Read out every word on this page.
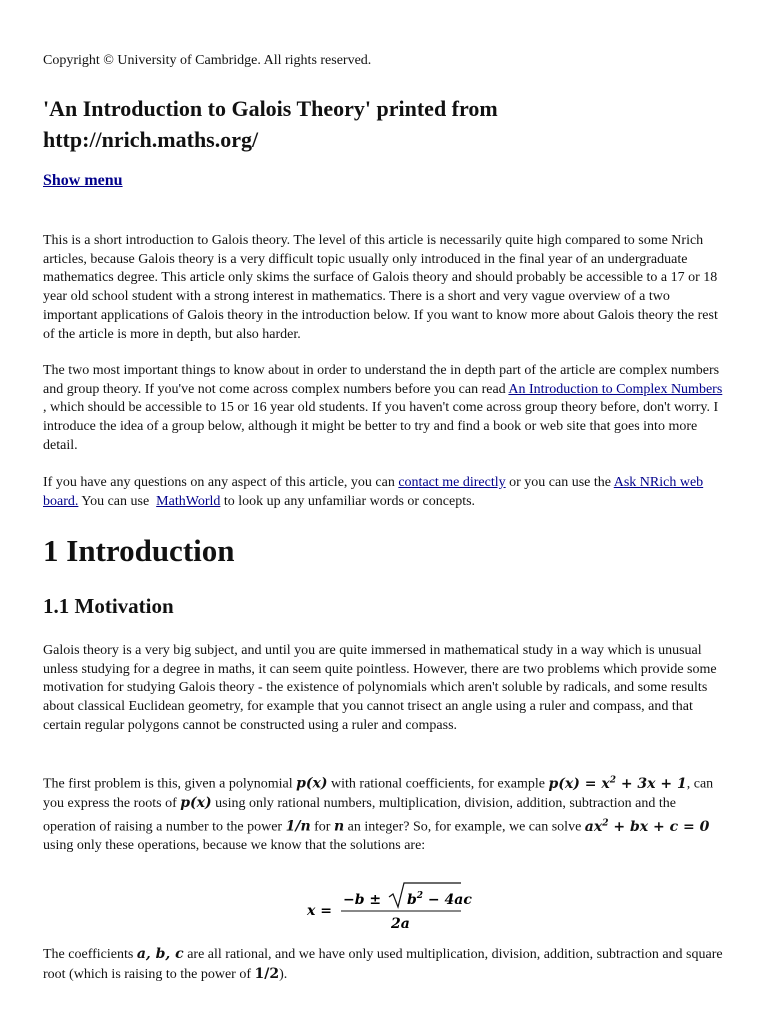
Copyright © University of Cambridge. All rights reserved.
'An Introduction to Galois Theory' printed from http://nrich.maths.org/
Show menu

This is a short introduction to Galois theory. The level of this article is necessarily quite high compared to some Nrich articles, because Galois theory is a very difficult topic usually only introduced in the final year of an undergraduate mathematics degree. This article only skims the surface of Galois theory and should probably be accessible to a 17 or 18 year old school student with a strong interest in mathematics. There is a short and very vague overview of a two important applications of Galois theory in the introduction below. If you want to know more about Galois theory the rest of the article is more in depth, but also harder.

The two most important things to know about in order to understand the in depth part of the article are complex numbers and group theory. If you've not come across complex numbers before you can read An Introduction to Complex Numbers , which should be accessible to 15 or 16 year old students. If you haven't come across group theory before, don't worry. I introduce the idea of a group below, although it might be better to try and find a book or web site that goes into more detail.

If you have any questions on any aspect of this article, you can contact me directly or you can use the Ask NRich web board. You can use  MathWorld to look up any unfamiliar words or concepts.

1 Introduction
1.1 Motivation

Galois theory is a very big subject, and until you are quite immersed in mathematical study in a way which is unusual unless studying for a degree in maths, it can seem quite pointless. However, there are two problems which provide some motivation for studying Galois theory - the existence of polynomials which aren't soluble by radicals, and some results about classical Euclidean geometry, for example that you cannot trisect an angle using a ruler and compass, and that certain regular polygons cannot be constructed using a ruler and compass.

The first problem is this, given a polynomial p(x) with rational coefficients, for example $p(x) = x^2 + 3x + 1$, can you express the roots of p(x) using only rational numbers, multiplication, division, addition, subtraction and the operation of raising a number to the power 1/n for n an integer? So, for example, we can solve $ax^2$ + bx + c = 0 using only these operations, because we know that the solutions are:

x =
$-b \pm b^2 - 4ac$
2a

The coefficients a, b, c are all rational, and we have only used multiplication, division, addition, subtraction and square root (which is raising to the power of 1/2).
